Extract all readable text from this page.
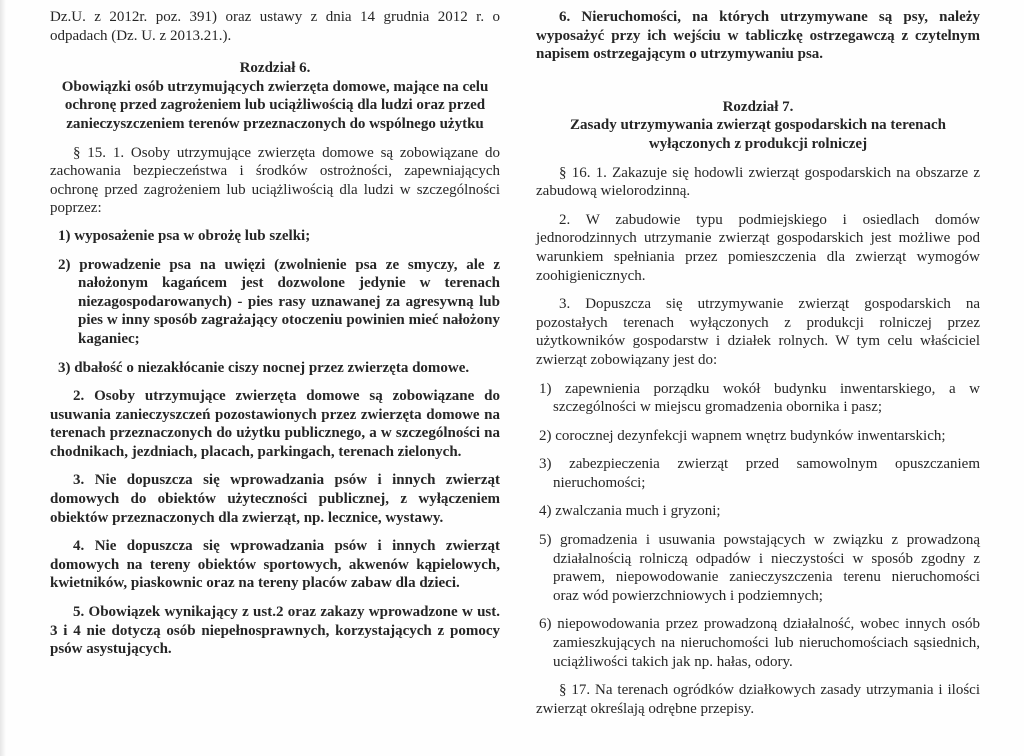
Dz.U. z 2012r. poz. 391) oraz ustawy z dnia 14 grudnia 2012 r. o odpadach (Dz. U. z 2013.21.).

Rozdział 6.

Obowiązki osób utrzymujących zwierzęta domowe, mające na celu ochronę przed zagrożeniem lub uciążliwością dla ludzi oraz przed zanieczyszczeniem terenów przeznaczonych do wspólnego użytku

§ 15. 1. Osoby utrzymujące zwierzęta domowe są zobowiązane do zachowania bezpieczeństwa i środków ostrożności, zapewniających ochronę przed zagrożeniem lub uciążliwością dla ludzi w szczególności poprzez:

1) wyposażenie psa w obrożę lub szelki;

2) prowadzenie psa na uwięzi (zwolnienie psa ze smyczy, ale z nałożonym kagańcem jest dozwolone jedynie w terenach niezagospodarowanych) - pies rasy uznawanej za agresywną lub pies w inny sposób zagrażający otoczeniu powinien mieć nałożony kaganiec;

3) dbałość o niezakłócanie ciszy nocnej przez zwierzęta domowe.

2. Osoby utrzymujące zwierzęta domowe są zobowiązane do usuwania zanieczyszczeń pozostawionych przez zwierzęta domowe na terenach przeznaczonych do użytku publicznego, a w szczególności na chodnikach, jezdniach, placach, parkingach, terenach zielonych.

3. Nie dopuszcza się wprowadzania psów i innych zwierząt domowych do obiektów użyteczności publicznej, z wyłączeniem obiektów przeznaczonych dla zwierząt, np. lecznice, wystawy.

4. Nie dopuszcza się wprowadzania psów i innych zwierząt domowych na tereny obiektów sportowych, akwenów kąpielowych, kwietników, piaskownic oraz na tereny placów zabaw dla dzieci.

5. Obowiązek wynikający z ust.2 oraz zakazy wprowadzone w ust. 3 i 4 nie dotyczą osób niepełnosprawnych, korzystających z pomocy psów asystujących.

6. Nieruchomości, na których utrzymywane są psy, należy wyposażyć przy ich wejściu w tabliczkę ostrzegawczą z czytelnym napisem ostrzegającym o utrzymywaniu psa.

Rozdział 7.

Zasady utrzymywania zwierząt gospodarskich na terenach wyłączonych z produkcji rolniczej

§ 16. 1. Zakazuje się hodowli zwierząt gospodarskich na obszarze z zabudową wielorodzinną.

2. W zabudowie typu podmiejskiego i osiedlach domów jednorodzinnych utrzymanie zwierząt gospodarskich jest możliwe pod warunkiem spełniania przez pomieszczenia dla zwierząt wymogów zoohigienicznych.

3. Dopuszcza się utrzymywanie zwierząt gospodarskich na pozostałych terenach wyłączonych z produkcji rolniczej przez użytkowników gospodarstw i działek rolnych. W tym celu właściciel zwierząt zobowiązany jest do:

1) zapewnienia porządku wokół budynku inwentarskiego, a w szczególności w miejscu gromadzenia obornika i pasz;

2) corocznej dezynfekcji wapnem wnętrz budynków inwentarskich;

3) zabezpieczenia zwierząt przed samowolnym opuszczaniem nieruchomości;

4) zwalczania much i gryzoni;

5) gromadzenia i usuwania powstających w związku z prowadzoną działalnością rolniczą odpadów i nieczystości w sposób zgodny z prawem, niepowodowanie zanieczyszczenia terenu nieruchomości oraz wód powierzchniowych i podziemnych;

6) niepowodowania przez prowadzoną działalność, wobec innych osób zamieszkujących na nieruchomości lub nieruchomościach sąsiednich, uciążliwości takich jak np. hałas, odory.

§ 17. Na terenach ogródków działkowych zasady utrzymania i ilości zwierząt określają odrębne przepisy.
